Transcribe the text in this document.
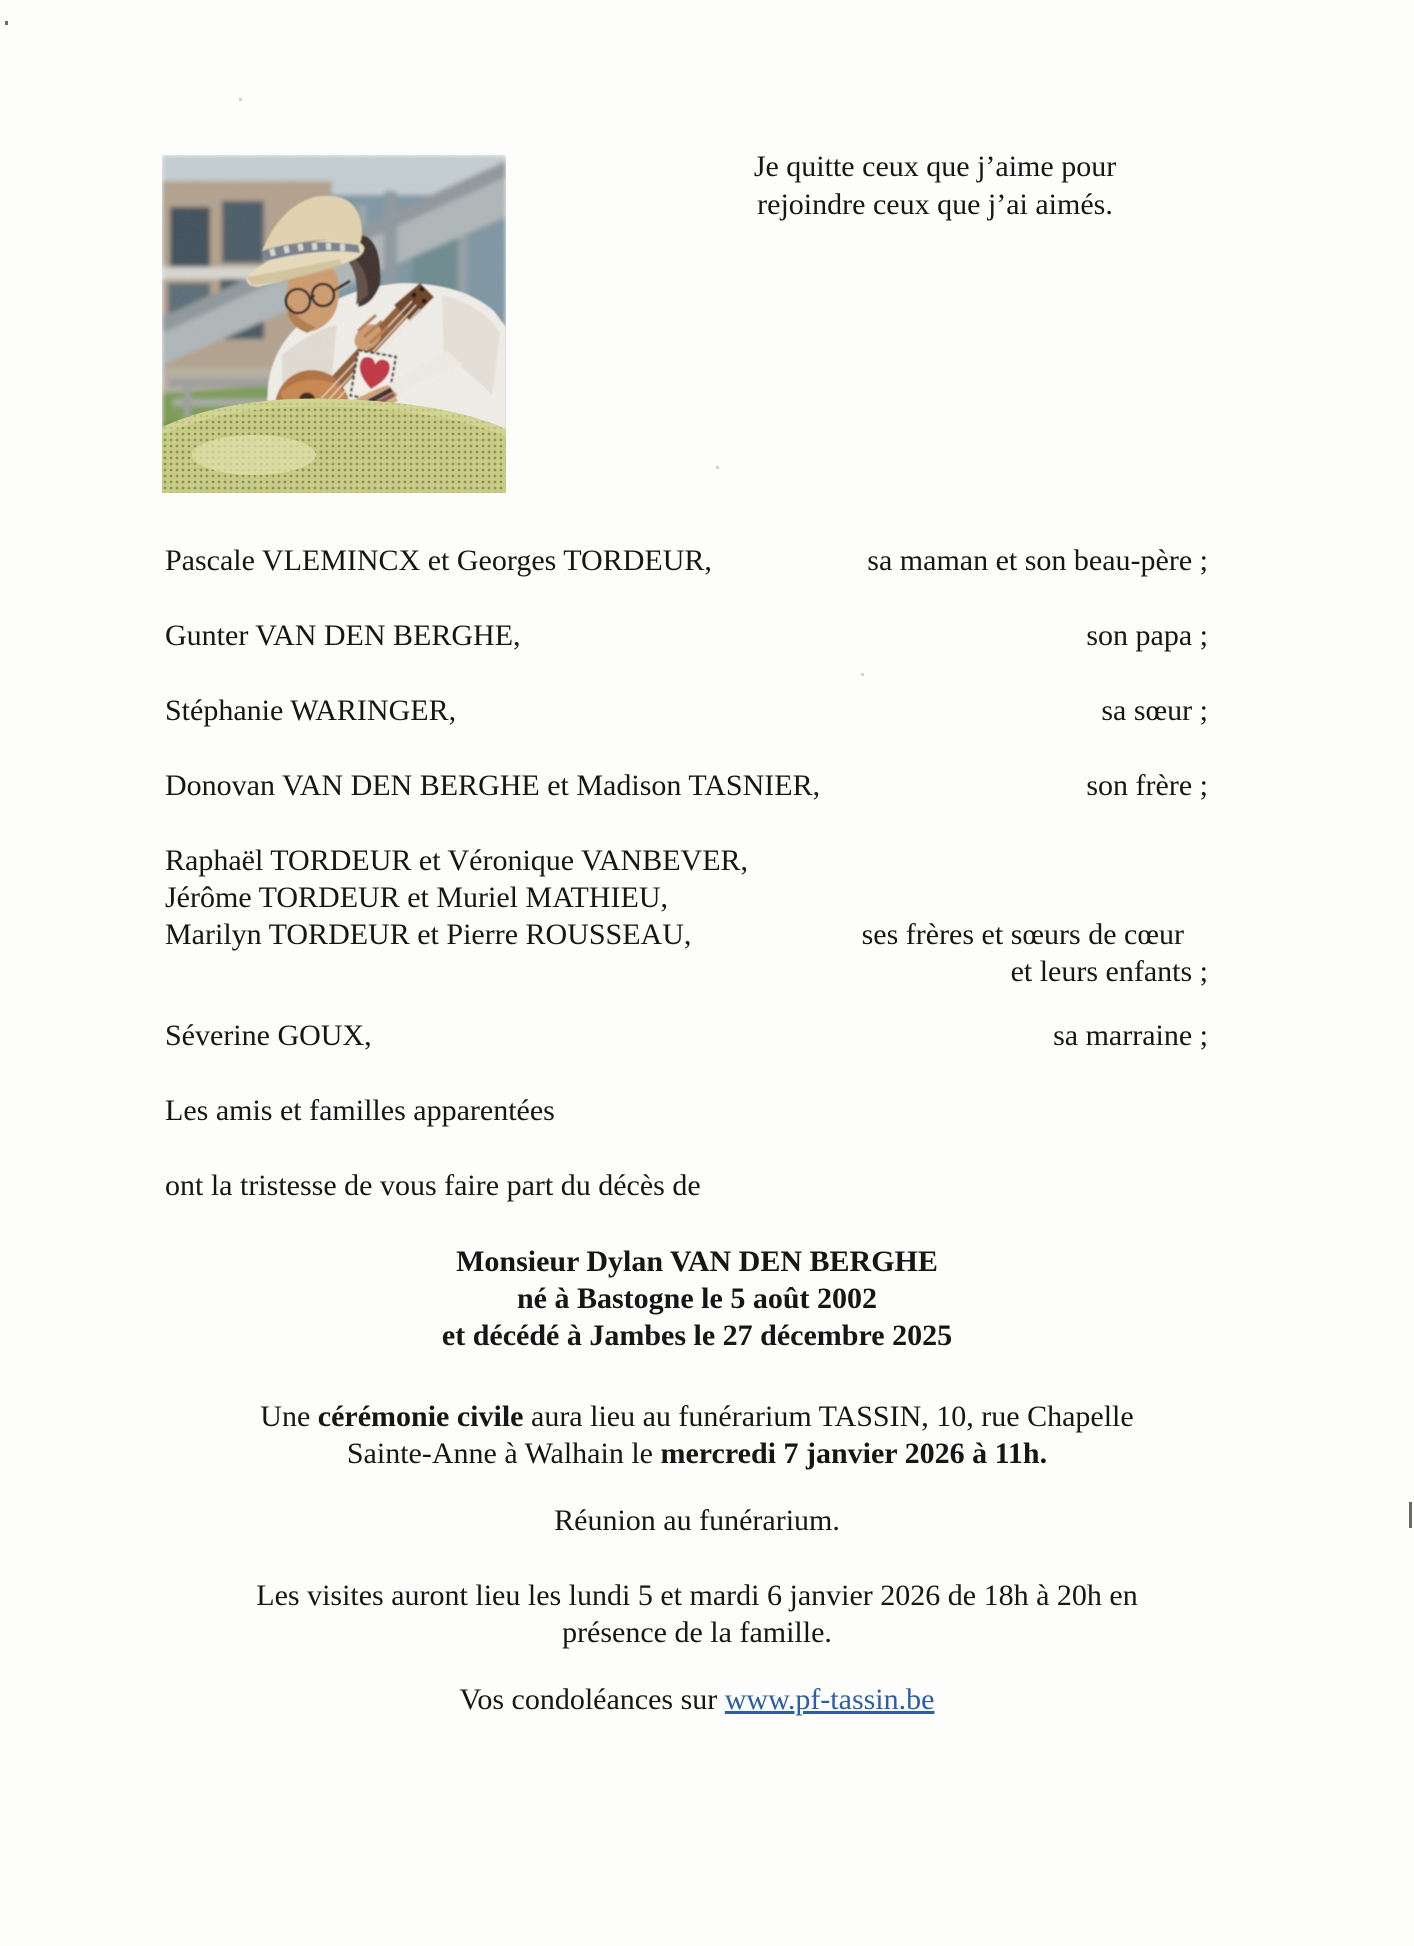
Je quitte ceux que j’aime pour
rejoindre ceux que j’ai aimés.
Pascale VLEMINCX et Georges TORDEUR,	sa maman et son beau-père ;
Gunter VAN DEN BERGHE,	son papa ;
Stéphanie WARINGER,	sa sœur ;
Donovan VAN DEN BERGHE et Madison TASNIER,	son frère ;
Raphaël TORDEUR et Véronique VANBEVER,
Jérôme TORDEUR et Muriel MATHIEU,
Marilyn TORDEUR et Pierre ROUSSEAU,	ses frères et sœurs de cœur
et leurs enfants ;
Séverine GOUX,	sa marraine ;
Les amis et familles apparentées
ont la tristesse de vous faire part du décès de
Monsieur Dylan VAN DEN BERGHE
né à Bastogne le 5 août 2002
et décédé à Jambes le 27 décembre 2025
Une cérémonie civile aura lieu au funérarium TASSIN, 10, rue Chapelle
Sainte-Anne à Walhain le mercredi 7 janvier 2026 à 11h.
Réunion au funérarium.
Les visites auront lieu les lundi 5 et mardi 6 janvier 2026 de 18h à 20h en
présence de la famille.
Vos condoléances sur www.pf-tassin.be
